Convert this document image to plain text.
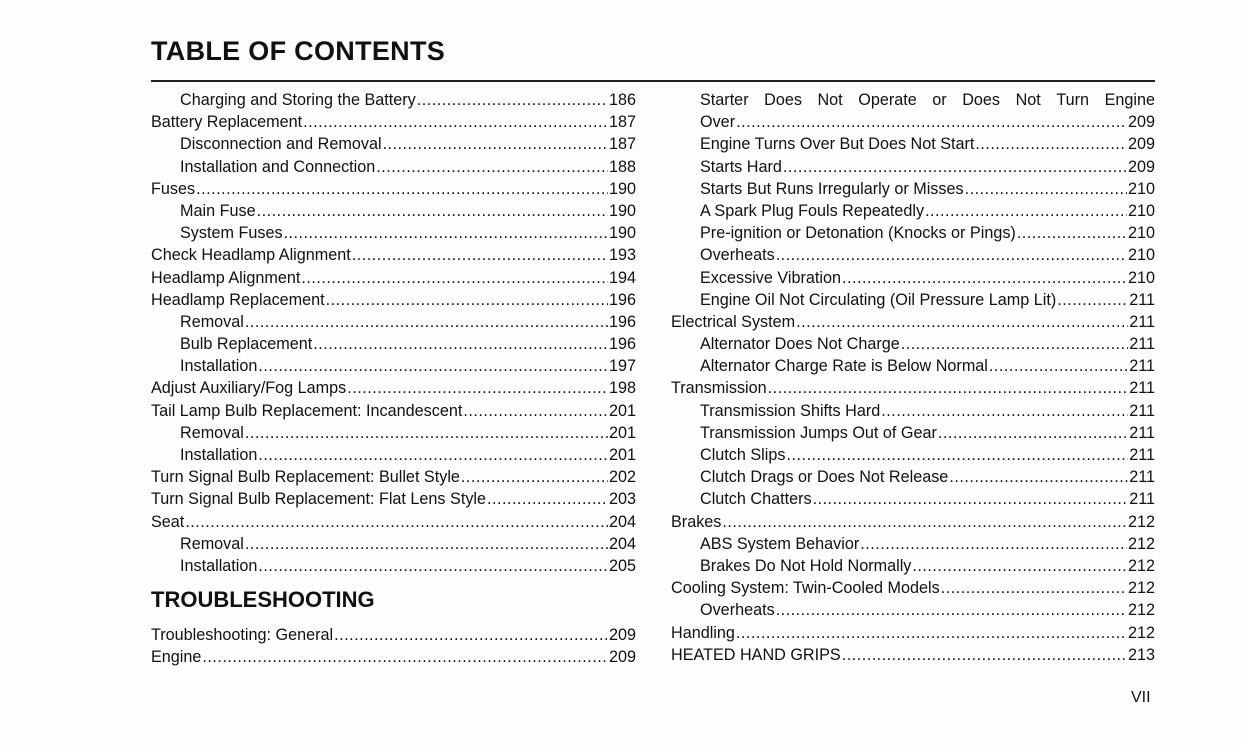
TABLE OF CONTENTS
Charging and Storing the Battery .....	186
Battery Replacement .....	187
Disconnection and Removal .....	187
Installation and Connection .....	188
Fuses .....	190
Main Fuse .....	190
System Fuses .....	190
Check Headlamp Alignment .....	193
Headlamp Alignment .....	194
Headlamp Replacement .....	196
Removal .....	196
Bulb Replacement .....	196
Installation .....	197
Adjust Auxiliary/Fog Lamps .....	198
Tail Lamp Bulb Replacement: Incandescent .....	201
Removal .....	201
Installation .....	201
Turn Signal Bulb Replacement: Bullet Style .....	202
Turn Signal Bulb Replacement: Flat Lens Style .....	203
Seat .....	204
Removal .....	204
Installation .....	205
TROUBLESHOOTING
Troubleshooting: General .....	209
Engine .....	209
Starter Does Not Operate or Does Not Turn Engine
Over .....	209
Engine Turns Over But Does Not Start .....	209
Starts Hard .....	209
Starts But Runs Irregularly or Misses .....	210
A Spark Plug Fouls Repeatedly .....	210
Pre-ignition or Detonation (Knocks or Pings) .....	210
Overheats .....	210
Excessive Vibration .....	210
Engine Oil Not Circulating (Oil Pressure Lamp Lit) .....	211
Electrical System .....	211
Alternator Does Not Charge .....	211
Alternator Charge Rate is Below Normal .....	211
Transmission .....	211
Transmission Shifts Hard .....	211
Transmission Jumps Out of Gear .....	211
Clutch Slips .....	211
Clutch Drags or Does Not Release .....	211
Clutch Chatters .....	211
Brakes .....	212
ABS System Behavior .....	212
Brakes Do Not Hold Normally .....	212
Cooling System: Twin-Cooled Models .....	212
Overheats .....	212
Handling .....	212
HEATED HAND GRIPS .....	213
VII
